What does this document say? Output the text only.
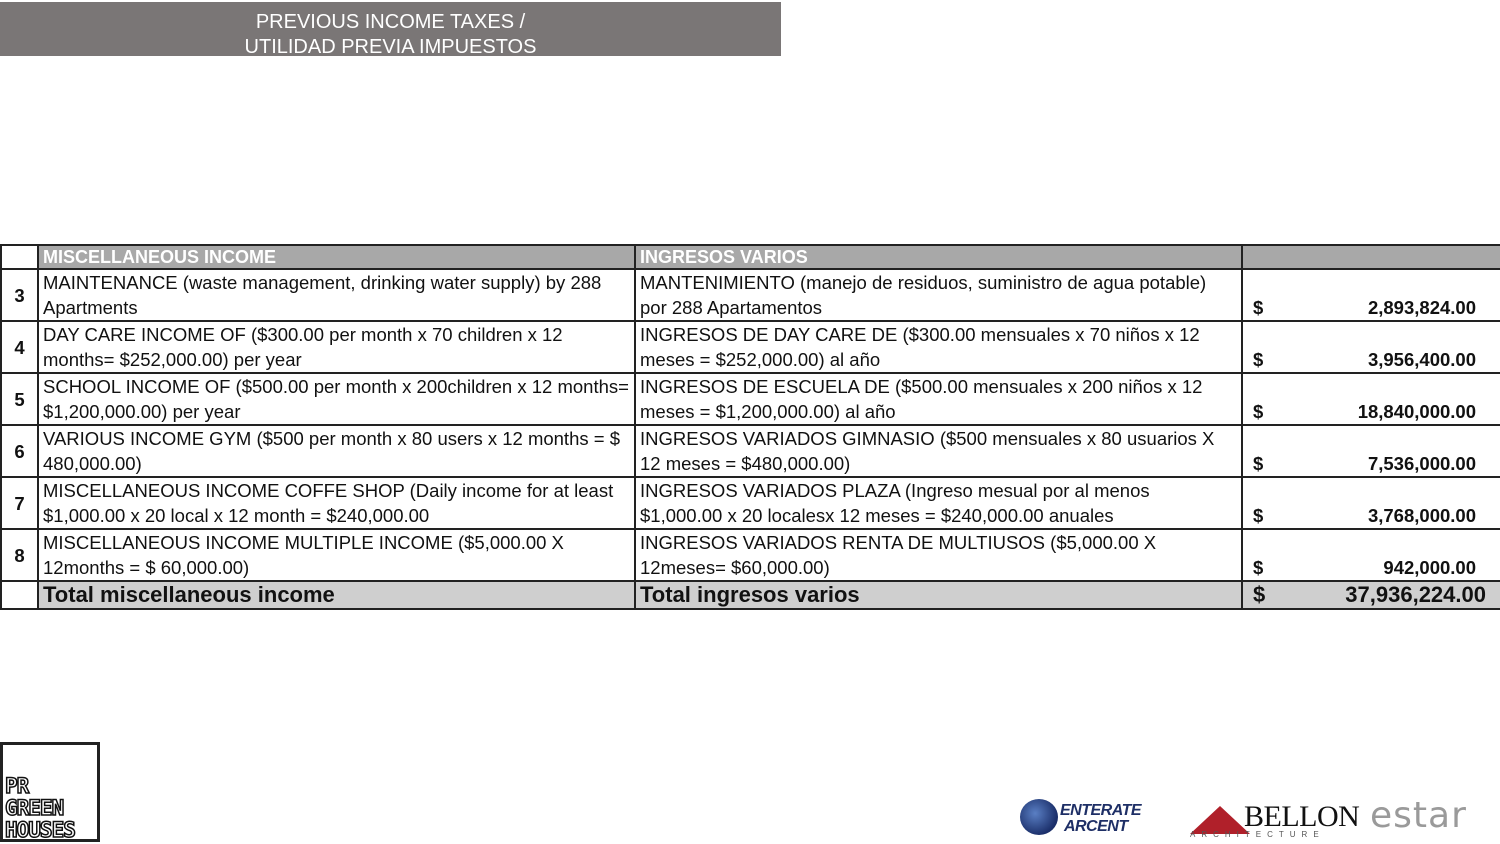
PREVIOUS INCOME TAXES /
UTILIDAD PREVIA IMPUESTOS
	MISCELLANEOUS INCOME	INGRESOS VARIOS	
3	MAINTENANCE (waste management, drinking water supply) by 288 Apartments	MANTENIMIENTO (manejo de residuos, suministro de agua potable) por 288 Apartamentos	$ 2,893,824.00

4	DAY CARE INCOME OF ($300.00 per month x 70 children x 12 months= $252,000.00) per year	INGRESOS DE DAY CARE DE ($300.00 mensuales x 70 niños x 12 meses = $252,000.00) al año	$ 3,956,400.00

5	SCHOOL INCOME OF ($500.00 per month x 200children x 12 months= $1,200,000.00) per year	INGRESOS DE ESCUELA DE ($500.00 mensuales x 200 niños x 12 meses = $1,200,000.00) al año	$ 18,840,000.00

6	VARIOUS INCOME GYM ($500 per month x 80 users x 12 months = $ 480,000.00)	INGRESOS VARIADOS GIMNASIO ($500 mensuales x 80 usuarios X 12 meses = $480,000.00)	$ 7,536,000.00

7	MISCELLANEOUS INCOME COFFE SHOP (Daily income for at least $1,000.00 x 20 local x 12 month = $240,000.00	INGRESOS VARIADOS PLAZA (Ingreso mesual por al menos $1,000.00 x 20 localesx 12 meses = $240,000.00 anuales	$ 3,768,000.00

8	MISCELLANEOUS INCOME MULTIPLE INCOME ($5,000.00 X 12months = $ 60,000.00)	INGRESOS VARIADOS RENTA DE MULTIUSOS ($5,000.00 X 12meses= $60,000.00)	$ 942,000.00

	Total miscellaneous income	Total ingresos varios	$ 37,936,224.00
PR
GREEN
HOUSES
ENTERATE
ARCENT	BELLON
ARCHITECTURE estar
